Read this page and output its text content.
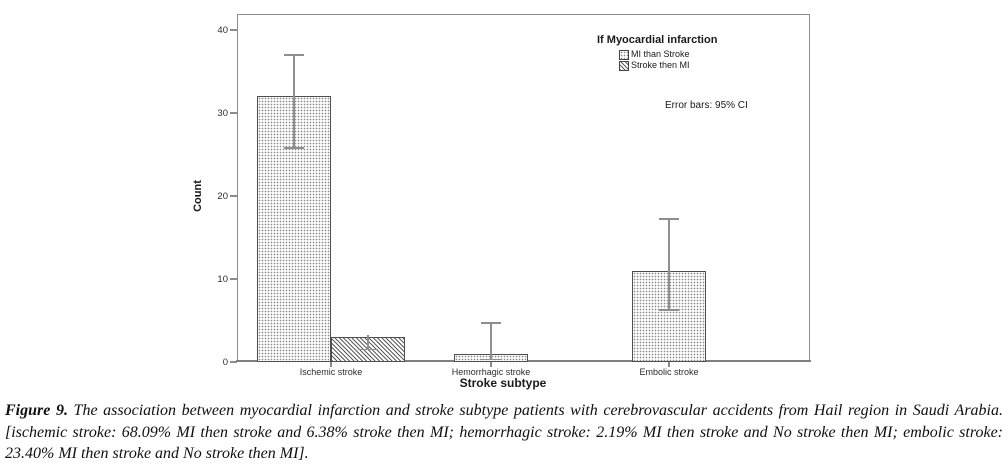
Count
Stroke subtype
If Myocardial infarction
MI than Stroke
Stroke then MI
Error bars: 95% CI
Figure 9. The association between myocardial infarction and stroke subtype patients with cerebrovascular accidents from Hail region in Saudi Arabia. [ischemic stroke: 68.09% MI then stroke and 6.38% stroke then MI; hemorrhagic stroke: 2.19% MI then stroke and No stroke then MI; embolic stroke: 23.40% MI then stroke and No stroke then MI].
0
10
20
30
40
Ischemic stroke	Hemorrhagic stroke	Embolic stroke
